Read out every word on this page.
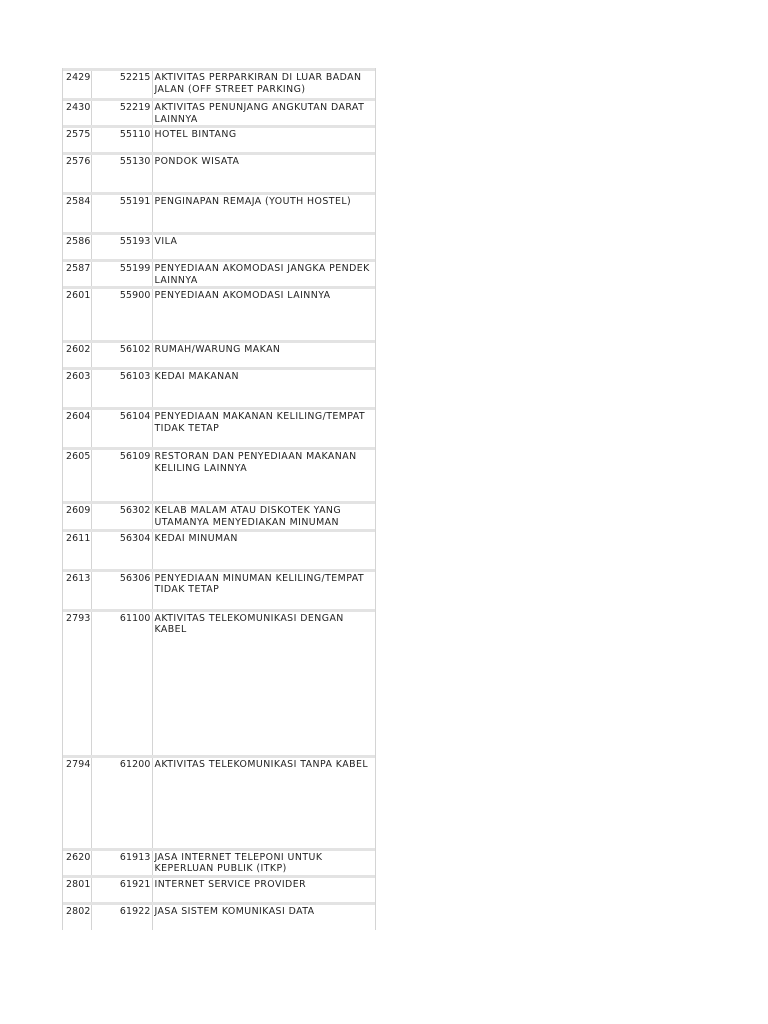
2429	52215	AKTIVITAS PERPARKIRAN DI LUAR BADAN JALAN (OFF STREET PARKING)
2430	52219	AKTIVITAS PENUNJANG ANGKUTAN DARAT LAINNYA
2575	55110	HOTEL BINTANG
2576	55130	PONDOK WISATA
2584	55191	PENGINAPAN REMAJA (YOUTH HOSTEL)
2586	55193	VILA
2587	55199	PENYEDIAAN AKOMODASI JANGKA PENDEK LAINNYA
2601	55900	PENYEDIAAN AKOMODASI LAINNYA
2602	56102	RUMAH/WARUNG MAKAN
2603	56103	KEDAI MAKANAN
2604	56104	PENYEDIAAN MAKANAN KELILING/TEMPAT TIDAK TETAP
2605	56109	RESTORAN DAN PENYEDIAAN MAKANAN KELILING LAINNYA
2609	56302	KELAB MALAM ATAU DISKOTEK YANG UTAMANYA MENYEDIAKAN MINUMAN
2611	56304	KEDAI MINUMAN
2613	56306	PENYEDIAAN MINUMAN KELILING/TEMPAT TIDAK TETAP
2793	61100	AKTIVITAS TELEKOMUNIKASI DENGAN KABEL
2794	61200	AKTIVITAS TELEKOMUNIKASI TANPA KABEL
2620	61913	JASA INTERNET TELEPONI UNTUK KEPERLUAN PUBLIK (ITKP)
2801	61921	INTERNET SERVICE PROVIDER
2802	61922	JASA SISTEM KOMUNIKASI DATA
